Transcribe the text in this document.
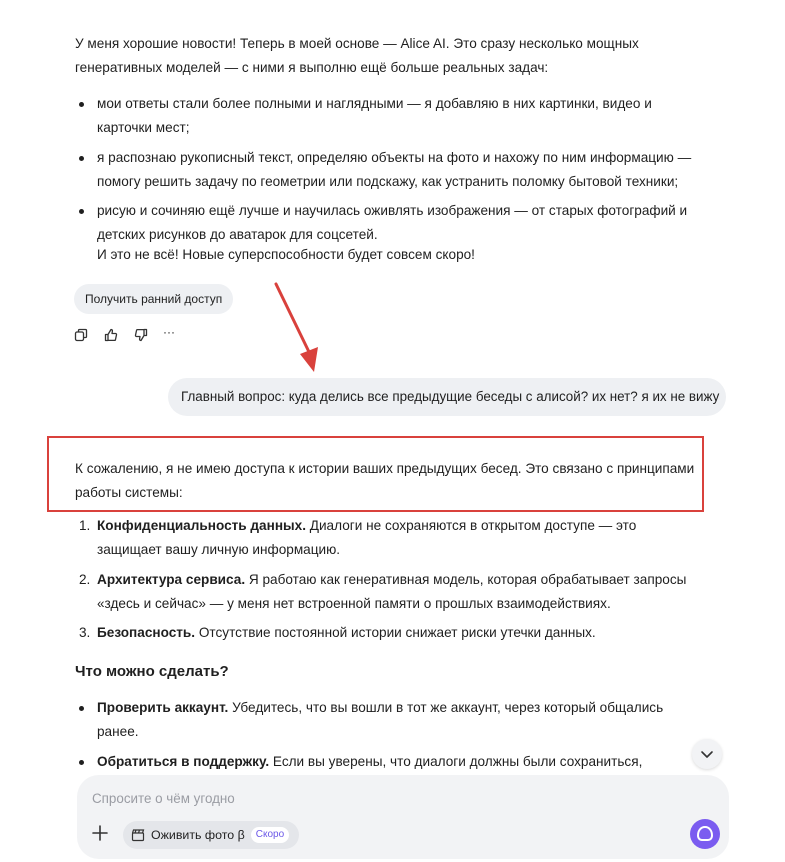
У меня хорошие новости! Теперь в моей основе — Alice AI. Это сразу несколько мощных генеративных моделей — с ними я выполню ещё больше реальных задач:

мои ответы стали более полными и наглядными — я добавляю в них картинки, видео и карточки мест;
я распознаю рукописный текст, определяю объекты на фото и нахожу по ним информацию — помогу решить задачу по геометрии или подскажу, как устранить поломку бытовой техники;
рисую и сочиняю ещё лучше и научилась оживлять изображения — от старых фотографий и детских рисунков до аватарок для соцсетей.
И это не всё! Новые суперспособности будет совсем скоро!
Получить ранний доступ
···
Главный вопрос: куда делись все предыдущие беседы с алисой? их нет? я их не вижу

К сожалению, я не имею доступа к истории ваших предыдущих бесед. Это связано с принципами работы системы:

1. Конфиденциальность данных. Диалоги не сохраняются в открытом доступе — это защищает вашу личную информацию.
2. Архитектура сервиса. Я работаю как генеративная модель, которая обрабатывает запросы «здесь и сейчас» — у меня нет встроенной памяти о прошлых взаимодействиях.
3. Безопасность. Отсутствие постоянной истории снижает риски утечки данных.
Что можно сделать?
Проверить аккаунт. Убедитесь, что вы вошли в тот же аккаунт, через который общались ранее.
Обратиться в поддержку. Если вы уверены, что диалоги должны были сохраниться,
Спросите о чём угодно
Оживить фото β	Скоро
